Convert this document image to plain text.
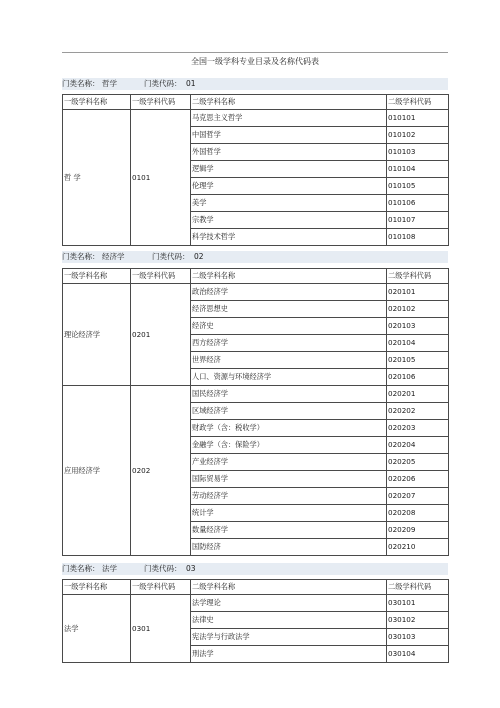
全国一级学科专业目录及名称代码表
门类名称： 哲学	门类代码： 01
一级学科名称	一级学科代码	二级学科名称	二级学科代码
哲 学	0101	马克思主义哲学	010101
		中国哲学	010102
		外国哲学	010103
		逻辑学	010104
		伦理学	010105
		美学	010106
		宗教学	010107
		科学技术哲学	010108
门类名称： 经济学	门类代码： 02
一级学科名称	一级学科代码	二级学科名称	二级学科代码
理论经济学	0201	政治经济学	020101
		经济思想史	020102
		经济史	020103
		西方经济学	020104
		世界经济	020105
		人口、资源与环境经济学	020106
应用经济学	0202	国民经济学	020201
		区域经济学	020202
		财政学（含：税收学）	020203
		金融学（含：保险学）	020204
		产业经济学	020205
		国际贸易学	020206
		劳动经济学	020207
		统计学	020208
		数量经济学	020209
		国防经济	020210
门类名称： 法学	门类代码： 03
一级学科名称	一级学科代码	二级学科名称	二级学科代码
法学	0301	法学理论	030101
		法律史	030102
		宪法学与行政法学	030103
		刑法学	030104
